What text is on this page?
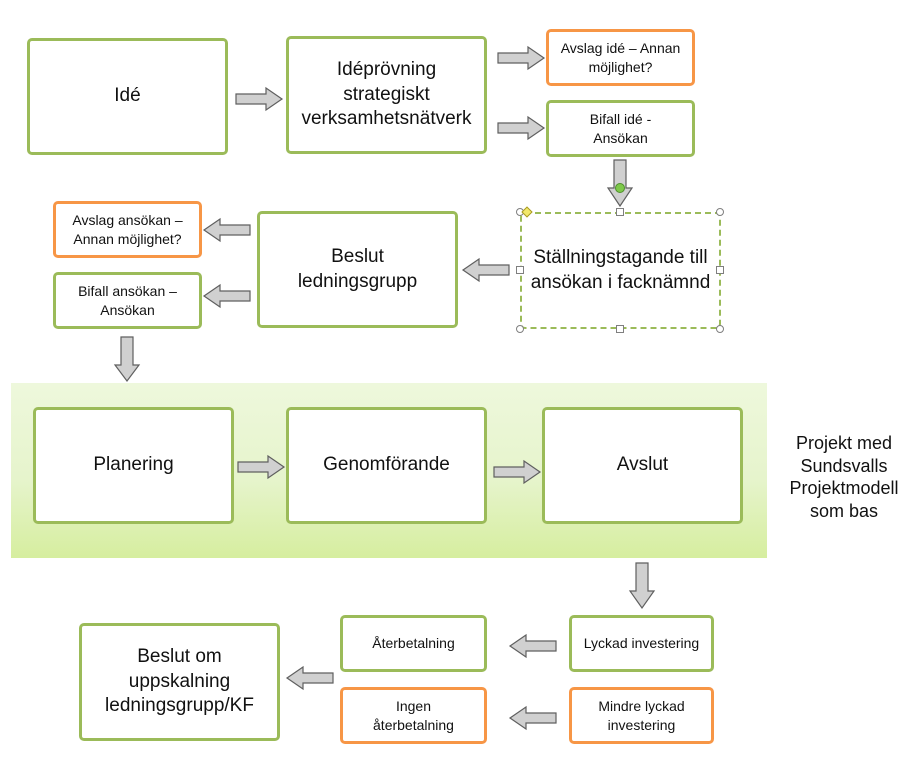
Idé
Idéprövning strategiskt verksamhetsnätverk
Avslag idé – Annan möjlighet?
Bifall idé - Ansökan
Ställningstagande till ansökan i facknämnd
Beslut ledningsgrupp
Avslag ansökan – Annan möjlighet?
Bifall ansökan – Ansökan
Planering	Genomförande	Avslut
Projekt med Sundsvalls Projektmodell som bas
Lyckad investering
Mindre lyckad investering
Återbetalning
Ingen återbetalning
Beslut om uppskalning ledningsgrupp/KF
